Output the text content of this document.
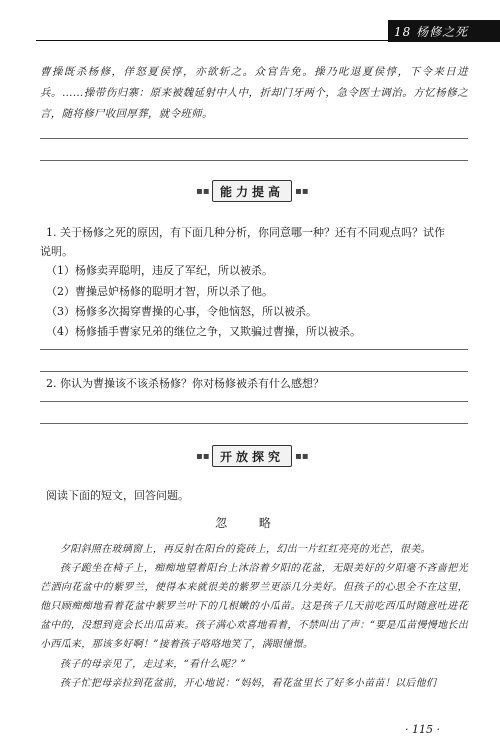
18 杨修之死
曹操既杀杨修，佯怒夏侯惇，亦欲斩之。众官告免。操乃叱退夏侯惇，下令来日进兵。……操带伤归寨：原来被魏延射中人中，折却门牙两个，急令医士调治。方忆杨修之言，随将修尸收回厚葬，就令班师。
▪▪ 能力提高	▪▪
1. 关于杨修之死的原因，有下面几种分析，你同意哪一种？还有不同观点吗？试作
说明。
（1）杨修卖弄聪明，违反了军纪，所以被杀。
（2）曹操忌妒杨修的聪明才智，所以杀了他。
（3）杨修多次揭穿曹操的心事，令他恼怒，所以被杀。
（4）杨修插手曹家兄弟的继位之争，又欺骗过曹操，所以被杀。
2. 你认为曹操该不该杀杨修？你对杨修被杀有什么感想？
▪▪ 开放探究	▪▪
阅读下面的短文，回答问题。
忽 略
夕阳斜照在玻璃窗上，再反射在阳台的瓷砖上，幻出一片红红亮亮的光芒，很美。
孩子跪坐在椅子上，痴痴地望着阳台上沐浴着夕阳的花盆，无限美好的夕阳毫不吝啬把光芒洒向花盆中的紫罗兰，使得本来就很美的紫罗兰更添几分美好。但孩子的心思全不在这里，他只顾痴痴地看着花盆中紫罗兰叶下的几根嫩的小瓜苗。这是孩子几天前吃西瓜时随意吐进花盆中的，没想到竟会长出瓜苗来。孩子满心欢喜地看着，不禁叫出了声：“要是瓜苗慢慢地长出小西瓜来，那该多好啊！”接着孩子咯咯地笑了，满眼憧憬。
孩子的母亲见了，走过来，“看什么呢？”
孩子忙把母亲拉到花盆前，开心地说：“妈妈，看花盆里长了好多小苗苗！以后他们
· 115 ·
